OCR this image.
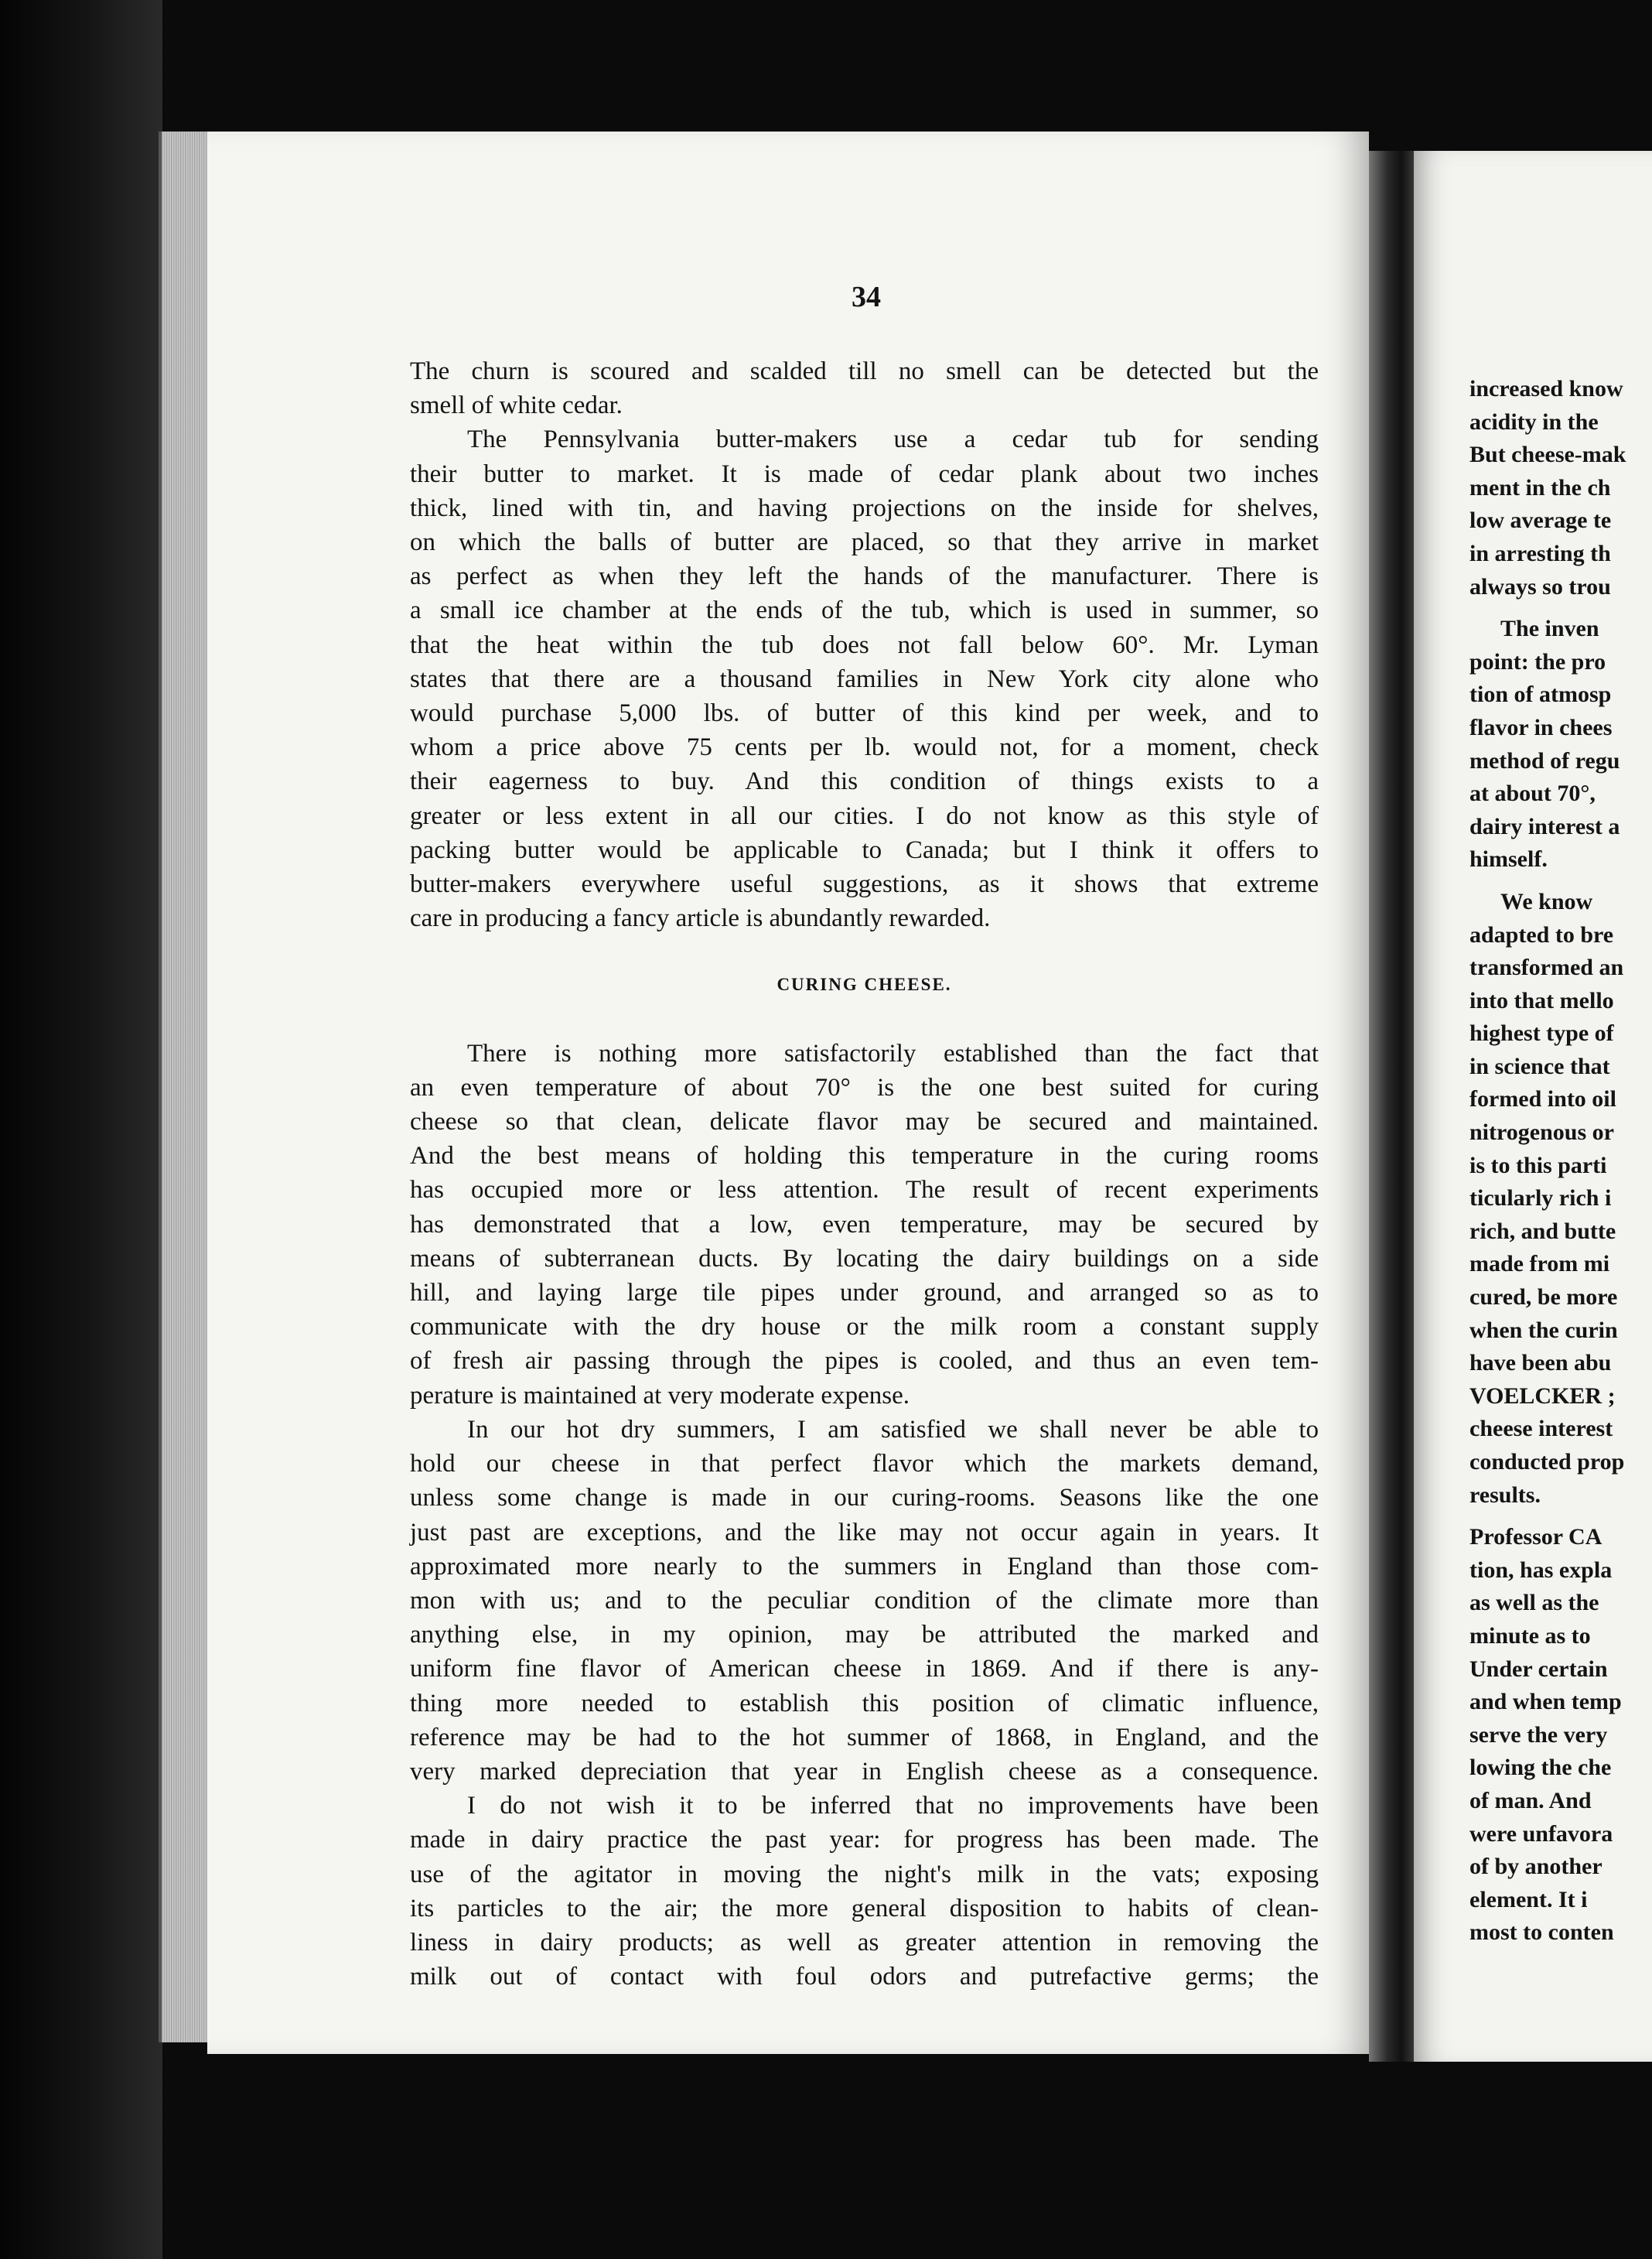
34
The churn is scoured and scalded till no smell can be detected but the
smell of white cedar.
The Pennsylvania butter-makers use a cedar tub for sending
their butter to market. It is made of cedar plank about two inches
thick, lined with tin, and having projections on the inside for shelves,
on which the balls of butter are placed, so that they arrive in market
as perfect as when they left the hands of the manufacturer. There is
a small ice chamber at the ends of the tub, which is used in summer, so
that the heat within the tub does not fall below 60°. Mr. Lyman
states that there are a thousand families in New York city alone who
would purchase 5,000 lbs. of butter of this kind per week, and to
whom a price above 75 cents per lb. would not, for a moment, check
their eagerness to buy. And this condition of things exists to a
greater or less extent in all our cities. I do not know as this style of
packing butter would be applicable to Canada; but I think it offers to
butter-makers everywhere useful suggestions, as it shows that extreme
care in producing a fancy article is abundantly rewarded.
CURING CHEESE.
There is nothing more satisfactorily established than the fact that
an even temperature of about 70° is the one best suited for curing
cheese so that clean, delicate flavor may be secured and maintained.
And the best means of holding this temperature in the curing rooms
has occupied more or less attention. The result of recent experiments
has demonstrated that a low, even temperature, may be secured by
means of subterranean ducts. By locating the dairy buildings on a side
hill, and laying large tile pipes under ground, and arranged so as to
communicate with the dry house or the milk room a constant supply
of fresh air passing through the pipes is cooled, and thus an even tem-
perature is maintained at very moderate expense.
In our hot dry summers, I am satisfied we shall never be able to
hold our cheese in that perfect flavor which the markets demand,
unless some change is made in our curing-rooms. Seasons like the one
just past are exceptions, and the like may not occur again in years. It
approximated more nearly to the summers in England than those com-
mon with us; and to the peculiar condition of the climate more than
anything else, in my opinion, may be attributed the marked and
uniform fine flavor of American cheese in 1869. And if there is any-
thing more needed to establish this position of climatic influence,
reference may be had to the hot summer of 1868, in England, and the
very marked depreciation that year in English cheese as a consequence.
I do not wish it to be inferred that no improvements have been
made in dairy practice the past year: for progress has been made. The
use of the agitator in moving the night's milk in the vats; exposing
its particles to the air; the more general disposition to habits of clean-
liness in dairy products; as well as greater attention in removing the
milk out of contact with foul odors and putrefactive germs; the
increased know
acidity in the
But cheese-mak
ment in the ch
low average te
in arresting th
always so trou
The inven
point: the pro
tion of atmosp
flavor in chees
method of regu
at about 70°,
dairy interest a
himself.
We know
adapted to bre
transformed an
into that mello
highest type of
in science that
formed into oil
nitrogenous or
is to this parti
ticularly rich i
rich, and butte
made from mi
cured, be more
when the curin
have been abu
VOELCKER ;
cheese interest
conducted prop
results.
Professor CA
tion, has expla
as well as the
minute as to
Under certain
and when temp
serve the very
lowing the che
of man. And
were unfavora
of by another
element. It i
most to conten
